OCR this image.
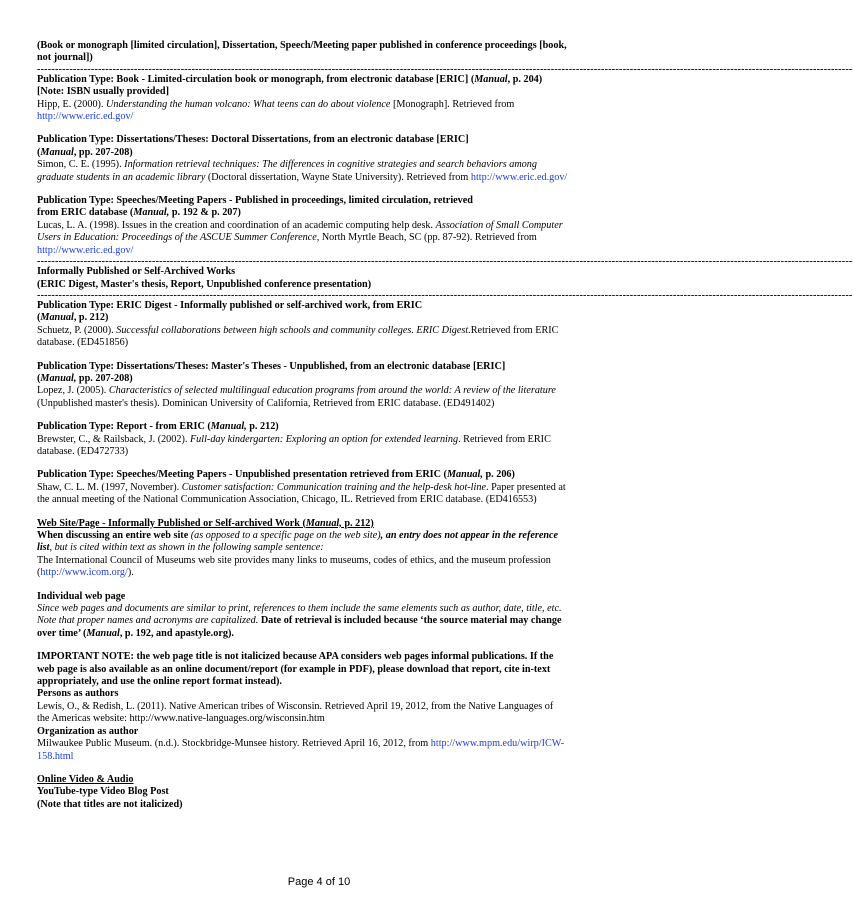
(Book or monograph [limited circulation], Dissertation, Speech/Meeting paper published in conference proceedings [book,
not journal])
-----------------------------------------------------------------------------------------------------------------------------------------------------------------------------------------------------------------------------------
Publication Type: Book - Limited-circulation book or monograph, from electronic database [ERIC] (Manual, p. 204)
[Note: ISBN usually provided]
Hipp, E. (2000). Understanding the human volcano: What teens can do about violence [Monograph]. Retrieved from
http://www.eric.ed.gov/
Publication Type: Dissertations/Theses: Doctoral Dissertations, from an electronic database [ERIC]
(Manual, pp. 207-208)
Simon, C. E. (1995). Information retrieval techniques: The differences in cognitive strategies and search behaviors among
graduate students in an academic library (Doctoral dissertation, Wayne State University). Retrieved from http://www.eric.ed.gov/
Publication Type: Speeches/Meeting Papers - Published in proceedings, limited circulation, retrieved
from ERIC database (Manual, p. 192 & p. 207)
Lucas, L. A. (1998). Issues in the creation and coordination of an academic computing help desk. Association of Small Computer
Users in Education: Proceedings of the ASCUE Summer Conference, North Myrtle Beach, SC (pp. 87-92). Retrieved from
http://www.eric.ed.gov/
-----------------------------------------------------------------------------------------------------------------------------------------------------------------------------------------------------------------------------------
Informally Published or Self-Archived Works
(ERIC Digest, Master's thesis, Report, Unpublished conference presentation)
-----------------------------------------------------------------------------------------------------------------------------------------------------------------------------------------------------------------------------------
Publication Type: ERIC Digest - Informally published or self-archived work, from ERIC
(Manual, p. 212)
Schuetz, P. (2000). Successful collaborations between high schools and community colleges. ERIC Digest.Retrieved from ERIC
database. (ED451856)
Publication Type: Dissertations/Theses: Master's Theses - Unpublished, from an electronic database [ERIC]
(Manual, pp. 207-208)
Lopez, J. (2005). Characteristics of selected multilingual education programs from around the world: A review of the literature
(Unpublished master's thesis). Dominican University of California, Retrieved from ERIC database. (ED491402)
Publication Type: Report - from ERIC (Manual, p. 212)
Brewster, C., & Railsback, J. (2002). Full-day kindergarten: Exploring an option for extended learning. Retrieved from ERIC
database. (ED472733)
Publication Type: Speeches/Meeting Papers - Unpublished presentation retrieved from ERIC (Manual, p. 206)
Shaw, C. L. M. (1997, November). Customer satisfaction: Communication training and the help-desk hot-line. Paper presented at
the annual meeting of the National Communication Association, Chicago, IL. Retrieved from ERIC database. (ED416553)
Web Site/Page - Informally Published or Self-archived Work (Manual, p. 212)
When discussing an entire web site (as opposed to a specific page on the web site), an entry does not appear in the reference
list, but is cited within text as shown in the following sample sentence:
The International Council of Museums web site provides many links to museums, codes of ethics, and the museum profession
(http://www.icom.org/).
Individual web page
Since web pages and documents are similar to print, references to them include the same elements such as author, date, title, etc.
Note that proper names and acronyms are capitalized. Date of retrieval is included because ‘the source material may change
over time’ (Manual, p. 192, and apastyle.org).
IMPORTANT NOTE: the web page title is not italicized because APA considers web pages informal publications. If the
web page is also available as an online document/report (for example in PDF), please download that report, cite in-text
appropriately, and use the online report format instead).
Persons as authors
Lewis, O., & Redish, L. (2011). Native American tribes of Wisconsin. Retrieved April 19, 2012, from the Native Languages of
the Americas website: http://www.native-languages.org/wisconsin.htm
Organization as author
Milwaukee Public Museum. (n.d.). Stockbridge-Munsee history. Retrieved April 16, 2012, from http://www.mpm.edu/wirp/ICW-
158.html
Online Video & Audio
YouTube-type Video Blog Post
(Note that titles are not italicized)
Page 4 of 10
